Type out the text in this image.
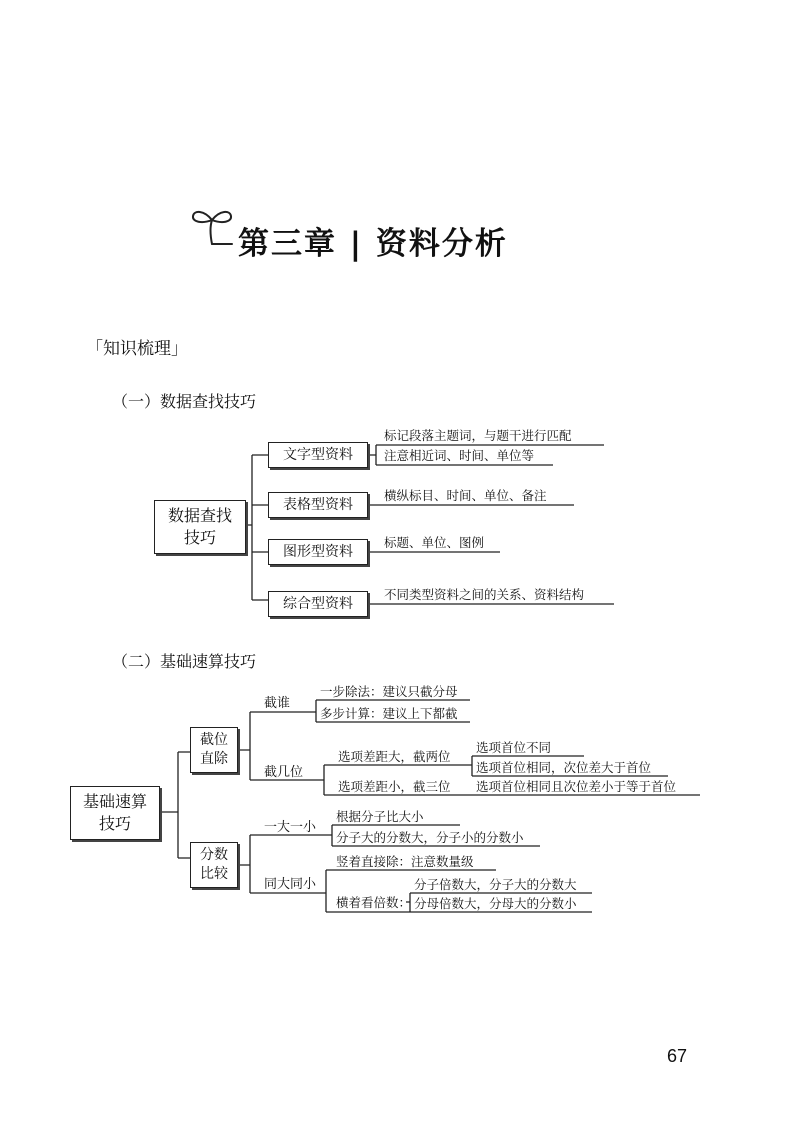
第三章 | 资料分析
「知识梳理」
（一）数据查找技巧
数据查找
技巧
文字型资料
表格型资料
图形型资料
综合型资料
标记段落主题词，与题干进行匹配
注意相近词、时间、单位等
横纵标目、时间、单位、备注
标题、单位、图例
不同类型资料之间的关系、资料结构
（二）基础速算技巧
基础速算
技巧
截位
直除
分数
比较
截谁
一步除法：建议只截分母
多步计算：建议上下都截
截几位
选项差距大，截两位
选项首位不同
选项首位相同，次位差大于首位
选项差距小，截三位 选项首位相同且次位差小于等于首位
一大一小
根据分子比大小
分子大的分数大，分子小的分数小
同大同小
竖着直接除：注意数量级
横着看倍数：
分子倍数大，分子大的分数大
分母倍数大，分母大的分数小
67
